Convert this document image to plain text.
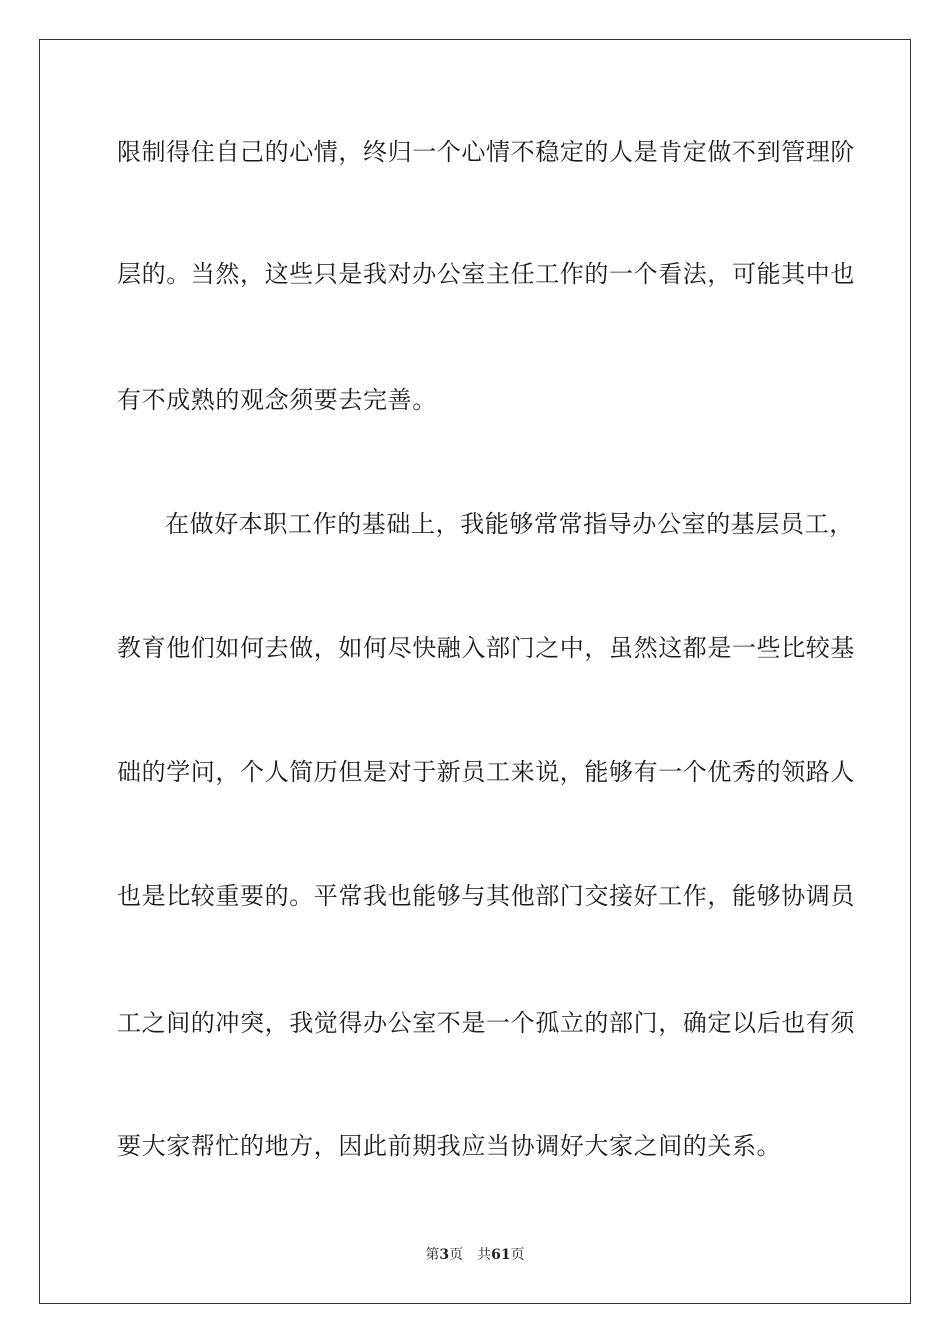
限制得住自己的心情，终归一个心情不稳定的人是肯定做不到管理阶
层的。当然，这些只是我对办公室主任工作的一个看法，可能其中也
有不成熟的观念须要去完善。
在做好本职工作的基础上，我能够常常指导办公室的基层员工，
教育他们如何去做，如何尽快融入部门之中，虽然这都是一些比较基
础的学问，个人简历但是对于新员工来说，能够有一个优秀的领路人
也是比较重要的。平常我也能够与其他部门交接好工作，能够协调员
工之间的冲突，我觉得办公室不是一个孤立的部门，确定以后也有须
要大家帮忙的地方，因此前期我应当协调好大家之间的关系。
第3页 共61页
